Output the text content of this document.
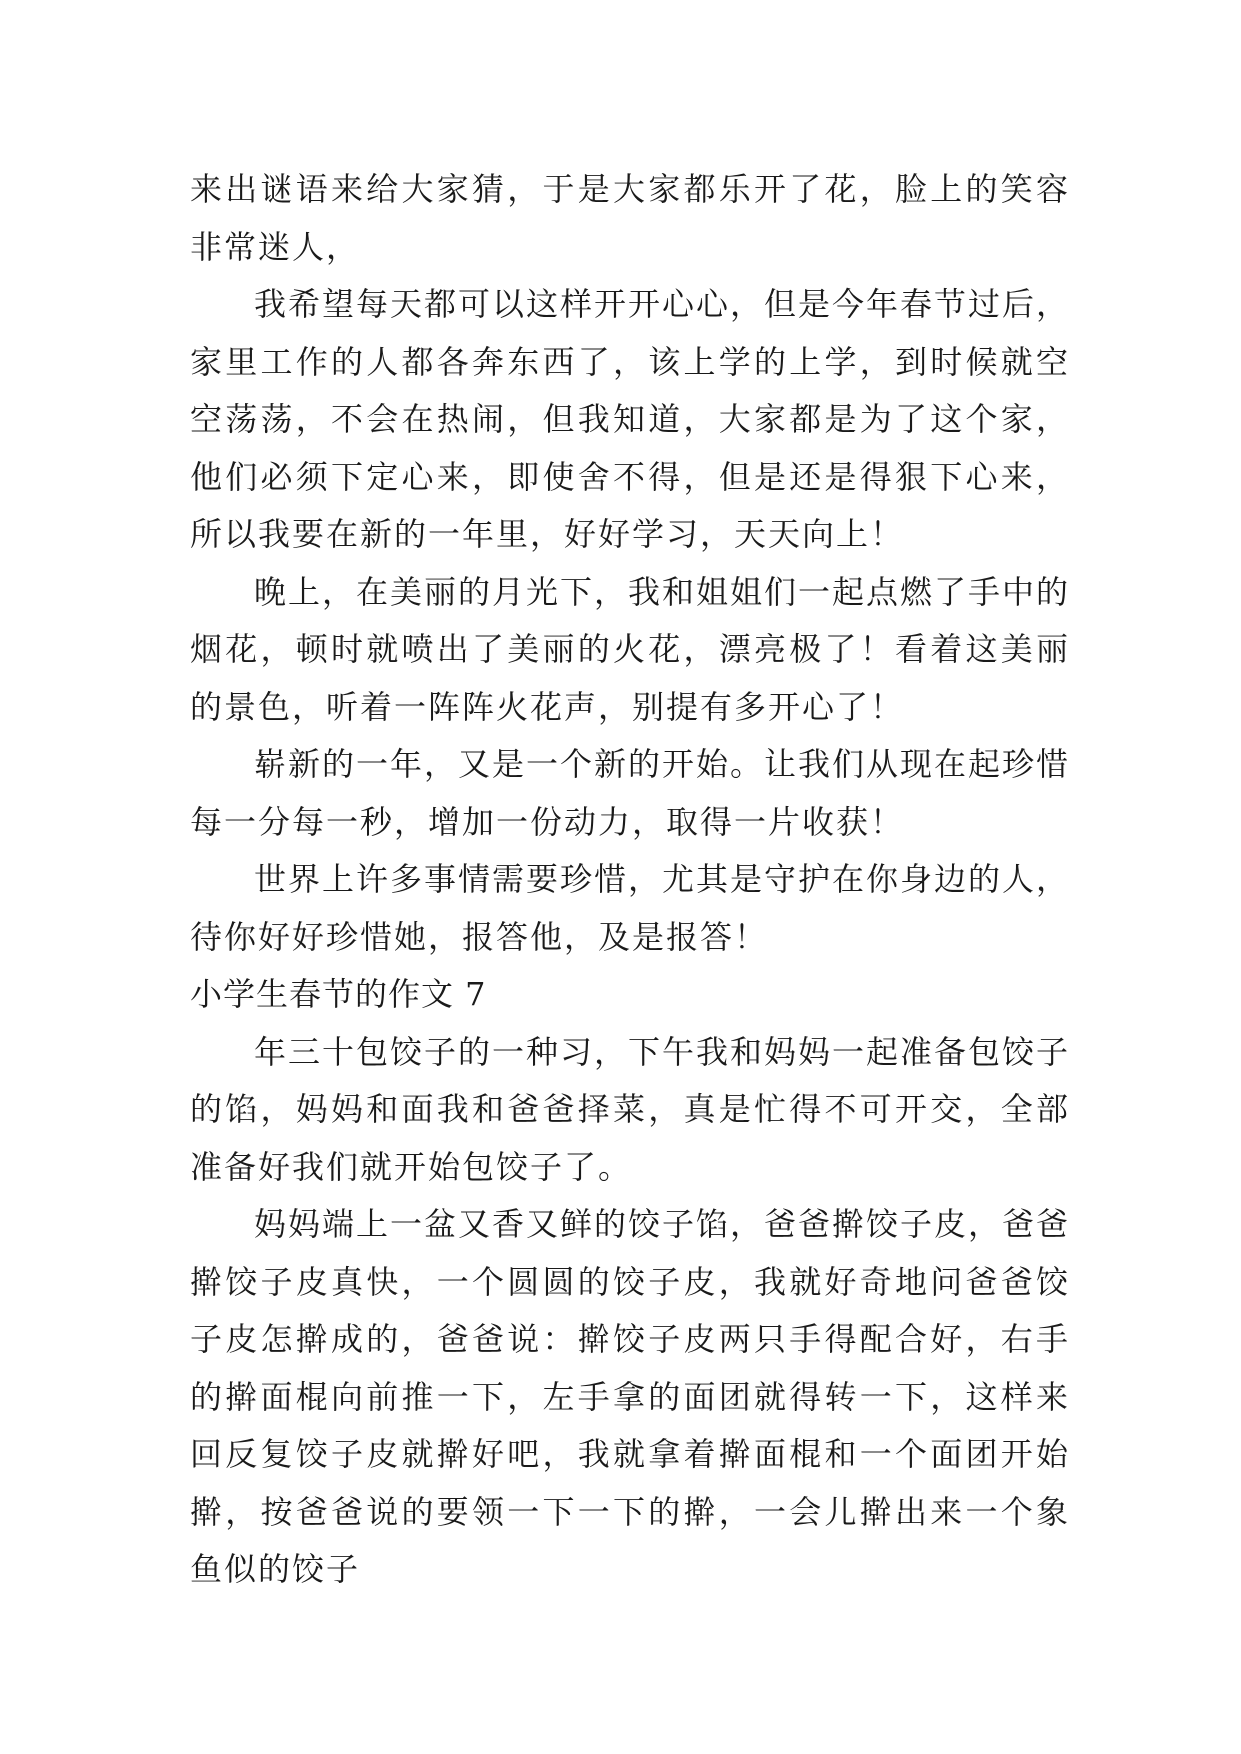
来出谜语来给大家猜，于是大家都乐开了花，脸上的笑容非常迷人，

我希望每天都可以这样开开心心，但是今年春节过后，家里工作的人都各奔东西了，该上学的上学，到时候就空空荡荡，不会在热闹，但我知道，大家都是为了这个家，他们必须下定心来，即使舍不得，但是还是得狠下心来，所以我要在新的一年里，好好学习，天天向上！

晚上，在美丽的月光下，我和姐姐们一起点燃了手中的烟花，顿时就喷出了美丽的火花，漂亮极了！看着这美丽的景色，听着一阵阵火花声，别提有多开心了！

崭新的一年，又是一个新的开始。让我们从现在起珍惜每一分每一秒，增加一份动力，取得一片收获！

世界上许多事情需要珍惜，尤其是守护在你身边的人，待你好好珍惜她，报答他，及是报答！

小学生春节的作文 7

年三十包饺子的一种习，下午我和妈妈一起准备包饺子的馅，妈妈和面我和爸爸择菜，真是忙得不可开交，全部准备好我们就开始包饺子了。

妈妈端上一盆又香又鲜的饺子馅，爸爸擀饺子皮，爸爸擀饺子皮真快，一个圆圆的饺子皮，我就好奇地问爸爸饺子皮怎擀成的，爸爸说：擀饺子皮两只手得配合好，右手的擀面棍向前推一下，左手拿的面团就得转一下，这样来回反复饺子皮就擀好吧，我就拿着擀面棍和一个面团开始擀，按爸爸说的要领一下一下的擀，一会儿擀出来一个象鱼似的饺子
